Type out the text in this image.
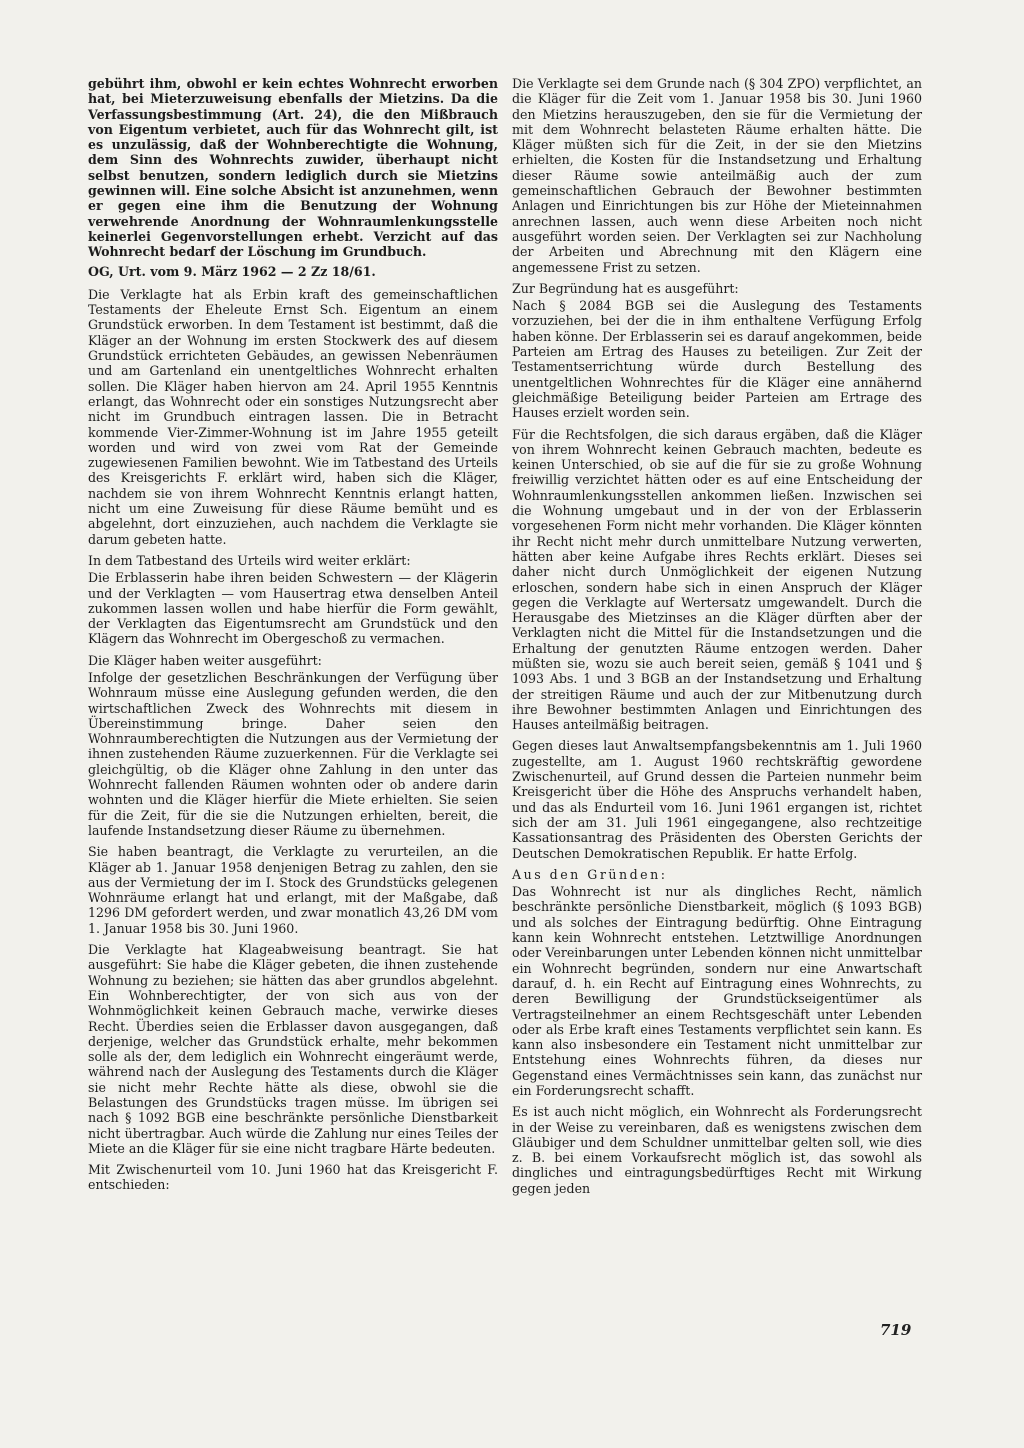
gebührt ihm, obwohl er kein echtes Wohnrecht erworben hat, bei Mieterzuweisung ebenfalls der Mietzins. Da die Verfassungsbestimmung (Art. 24), die den Mißbrauch von Eigentum verbietet, auch für das Wohnrecht gilt, ist es unzulässig, daß der Wohnberechtigte die Wohnung, dem Sinn des Wohnrechts zuwider, überhaupt nicht selbst benutzen, sondern lediglich durch sie Mietzins gewinnen will. Eine solche Absicht ist anzunehmen, wenn er gegen eine ihm die Benutzung der Wohnung verwehrende Anordnung der Wohnraumlenkungsstelle keinerlei Gegenvorstellungen erhebt. Verzicht auf das Wohnrecht bedarf der Löschung im Grundbuch.

OG, Urt. vom 9. März 1962 — 2 Zz 18/61.

Die Verklagte hat als Erbin kraft des gemeinschaftlichen Testaments der Eheleute Ernst Sch. Eigentum an einem Grundstück erworben. In dem Testament ist bestimmt, daß die Kläger an der Wohnung im ersten Stockwerk des auf diesem Grundstück errichteten Gebäudes, an gewissen Nebenräumen und am Gartenland ein unentgeltliches Wohnrecht erhalten sollen. Die Kläger haben hiervon am 24. April 1955 Kenntnis erlangt, das Wohnrecht oder ein sonstiges Nutzungsrecht aber nicht im Grundbuch eintragen lassen. Die in Betracht kommende Vier-Zimmer-Wohnung ist im Jahre 1955 geteilt worden und wird von zwei vom Rat der Gemeinde zugewiesenen Familien bewohnt. Wie im Tatbestand des Urteils des Kreisgerichts F. erklärt wird, haben sich die Kläger, nachdem sie von ihrem Wohnrecht Kenntnis erlangt hatten, nicht um eine Zuweisung für diese Räume bemüht und es abgelehnt, dort einzuziehen, auch nachdem die Verklagte sie darum gebeten hatte.

In dem Tatbestand des Urteils wird weiter erklärt:

Die Erblasserin habe ihren beiden Schwestern — der Klägerin und der Verklagten — vom Hausertrag etwa denselben Anteil zukommen lassen wollen und habe hierfür die Form gewählt, der Verklagten das Eigentumsrecht am Grundstück und den Klägern das Wohnrecht im Obergeschoß zu vermachen.

Die Kläger haben weiter ausgeführt:

Infolge der gesetzlichen Beschränkungen der Verfügung über Wohnraum müsse eine Auslegung gefunden werden, die den wirtschaftlichen Zweck des Wohnrechts mit diesem in Übereinstimmung bringe. Daher seien den Wohnraumberechtigten die Nutzungen aus der Vermietung der ihnen zustehenden Räume zuzuerkennen. Für die Verklagte sei gleichgültig, ob die Kläger ohne Zahlung in den unter das Wohnrecht fallenden Räumen wohnten oder ob andere darin wohnten und die Kläger hierfür die Miete erhielten. Sie seien für die Zeit, für die sie die Nutzungen erhielten, bereit, die laufende Instandsetzung dieser Räume zu übernehmen.

Sie haben beantragt, die Verklagte zu verurteilen, an die Kläger ab 1. Januar 1958 denjenigen Betrag zu zahlen, den sie aus der Vermietung der im I. Stock des Grundstücks gelegenen Wohnräume erlangt hat und erlangt, mit der Maßgabe, daß 1296 DM gefordert werden, und zwar monatlich 43,26 DM vom 1. Januar 1958 bis 30. Juni 1960.

Die Verklagte hat Klageabweisung beantragt. Sie hat ausgeführt: Sie habe die Kläger gebeten, die ihnen zustehende Wohnung zu beziehen; sie hätten das aber grundlos abgelehnt. Ein Wohnberechtigter, der von sich aus von der Wohnmöglichkeit keinen Gebrauch mache, verwirke dieses Recht. Überdies seien die Erblasser davon ausgegangen, daß derjenige, welcher das Grundstück erhalte, mehr bekommen solle als der, dem lediglich ein Wohnrecht eingeräumt werde, während nach der Auslegung des Testaments durch die Kläger sie nicht mehr Rechte hätte als diese, obwohl sie die Belastungen des Grundstücks tragen müsse. Im übrigen sei nach § 1092 BGB eine beschränkte persönliche Dienstbarkeit nicht übertragbar. Auch würde die Zahlung nur eines Teiles der Miete an die Kläger für sie eine nicht tragbare Härte bedeuten.

Mit Zwischenurteil vom 10. Juni 1960 hat das Kreisgericht F. entschieden:

Die Verklagte sei dem Grunde nach (§ 304 ZPO) verpflichtet, an die Kläger für die Zeit vom 1. Januar 1958 bis 30. Juni 1960 den Mietzins herauszugeben, den sie für die Vermietung der mit dem Wohnrecht belasteten Räume erhalten hätte. Die Kläger müßten sich für die Zeit, in der sie den Mietzins erhielten, die Kosten für die Instandsetzung und Erhaltung dieser Räume sowie anteilmäßig auch der zum gemeinschaftlichen Gebrauch der Bewohner bestimmten Anlagen und Einrichtungen bis zur Höhe der Mieteinnahmen anrechnen lassen, auch wenn diese Arbeiten noch nicht ausgeführt worden seien. Der Verklagten sei zur Nachholung der Arbeiten und Abrechnung mit den Klägern eine angemessene Frist zu setzen.

Zur Begründung hat es ausgeführt:

Nach § 2084 BGB sei die Auslegung des Testaments vorzuziehen, bei der die in ihm enthaltene Verfügung Erfolg haben könne. Der Erblasserin sei es darauf angekommen, beide Parteien am Ertrag des Hauses zu beteiligen. Zur Zeit der Testamentserrichtung würde durch Bestellung des unentgeltlichen Wohnrechtes für die Kläger eine annähernd gleichmäßige Beteiligung beider Parteien am Ertrage des Hauses erzielt worden sein.

Für die Rechtsfolgen, die sich daraus ergäben, daß die Kläger von ihrem Wohnrecht keinen Gebrauch machten, bedeute es keinen Unterschied, ob sie auf die für sie zu große Wohnung freiwillig verzichtet hätten oder es auf eine Entscheidung der Wohnraumlenkungsstellen ankommen ließen. Inzwischen sei die Wohnung umgebaut und in der von der Erblasserin vorgesehenen Form nicht mehr vorhanden. Die Kläger könnten ihr Recht nicht mehr durch unmittelbare Nutzung verwerten, hätten aber keine Aufgabe ihres Rechts erklärt. Dieses sei daher nicht durch Unmöglichkeit der eigenen Nutzung erloschen, sondern habe sich in einen Anspruch der Kläger gegen die Verklagte auf Wertersatz umgewandelt. Durch die Herausgabe des Mietzinses an die Kläger dürften aber der Verklagten nicht die Mittel für die Instandsetzungen und die Erhaltung der genutzten Räume entzogen werden. Daher müßten sie, wozu sie auch bereit seien, gemäß § 1041 und § 1093 Abs. 1 und 3 BGB an der Instandsetzung und Erhaltung der streitigen Räume und auch der zur Mitbenutzung durch ihre Bewohner bestimmten Anlagen und Einrichtungen des Hauses anteilmäßig beitragen.

Gegen dieses laut Anwaltsempfangsbekenntnis am 1. Juli 1960 zugestellte, am 1. August 1960 rechtskräftig gewordene Zwischenurteil, auf Grund dessen die Parteien nunmehr beim Kreisgericht über die Höhe des Anspruchs verhandelt haben, und das als Endurteil vom 16. Juni 1961 ergangen ist, richtet sich der am 31. Juli 1961 eingegangene, also rechtzeitige Kassationsantrag des Präsidenten des Obersten Gerichts der Deutschen Demokratischen Republik. Er hatte Erfolg.

Aus den Gründen:

Das Wohnrecht ist nur als dingliches Recht, nämlich beschränkte persönliche Dienstbarkeit, möglich (§ 1093 BGB) und als solches der Eintragung bedürftig. Ohne Eintragung kann kein Wohnrecht entstehen. Letztwillige Anordnungen oder Vereinbarungen unter Lebenden können nicht unmittelbar ein Wohnrecht begründen, sondern nur eine Anwartschaft darauf, d. h. ein Recht auf Eintragung eines Wohnrechts, zu deren Bewilligung der Grundstückseigentümer als Vertragsteilnehmer an einem Rechtsgeschäft unter Lebenden oder als Erbe kraft eines Testaments verpflichtet sein kann. Es kann also insbesondere ein Testament nicht unmittelbar zur Entstehung eines Wohnrechts führen, da dieses nur Gegenstand eines Vermächtnisses sein kann, das zunächst nur ein Forderungsrecht schafft.

Es ist auch nicht möglich, ein Wohnrecht als Forderungsrecht in der Weise zu vereinbaren, daß es wenigstens zwischen dem Gläubiger und dem Schuldner unmittelbar gelten soll, wie dies z. B. bei einem Vorkaufsrecht möglich ist, das sowohl als dingliches und eintragungsbedürftiges Recht mit Wirkung gegen jeden

719
